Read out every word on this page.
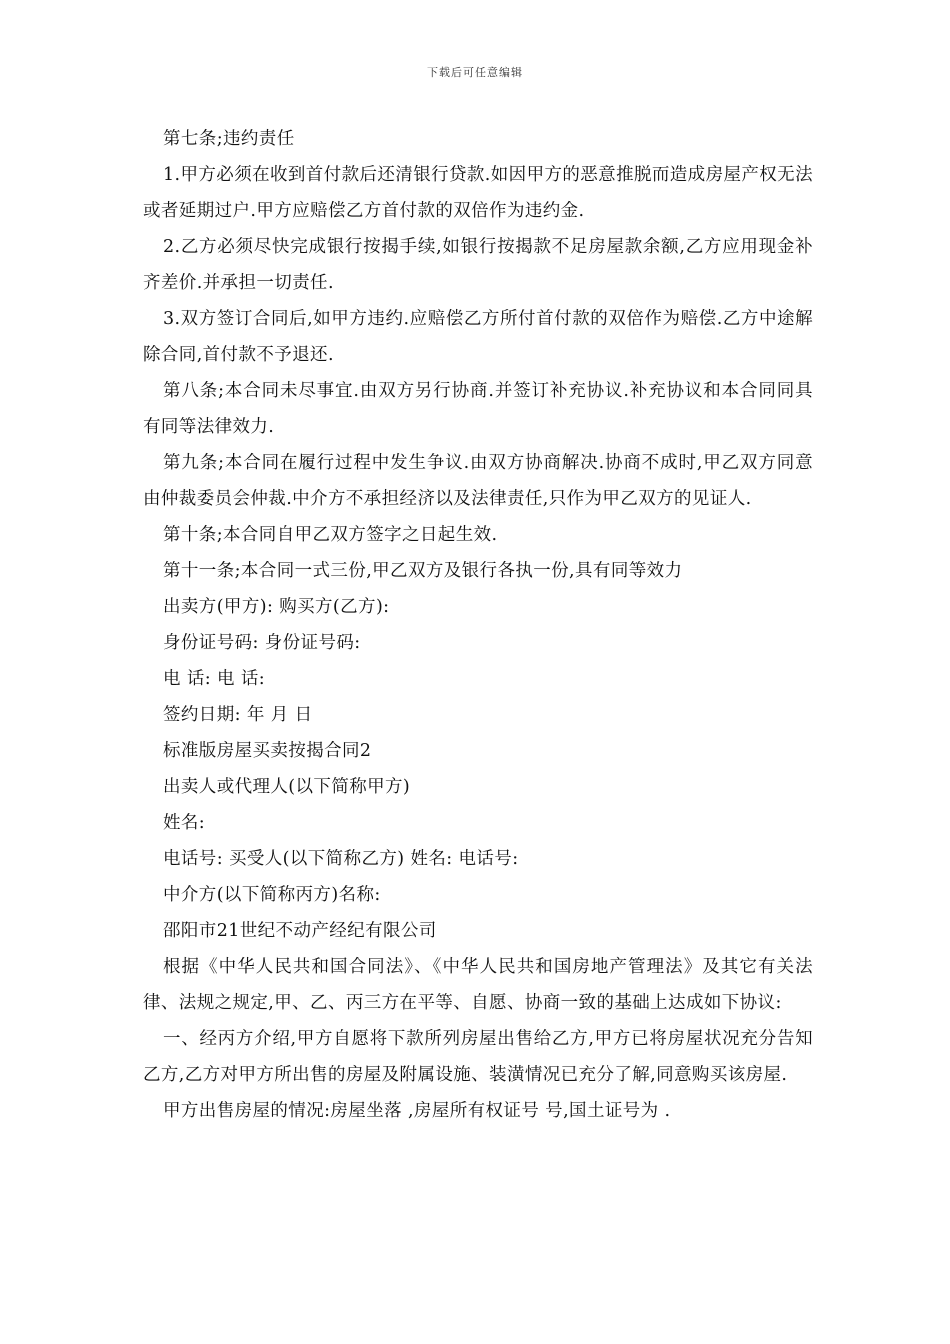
下载后可任意编辑

第七条;违约责任

1.甲方必须在收到首付款后还清银行贷款.如因甲方的恶意推脱而造成房屋产权无法或者延期过户.甲方应赔偿乙方首付款的双倍作为违约金.

2.乙方必须尽快完成银行按揭手续,如银行按揭款不足房屋款余额,乙方应用现金补齐差价.并承担一切责任.

3.双方签订合同后,如甲方违约.应赔偿乙方所付首付款的双倍作为赔偿.乙方中途解除合同,首付款不予退还.

第八条;本合同未尽事宜.由双方另行协商.并签订补充协议.补充协议和本合同同具有同等法律效力.

第九条;本合同在履行过程中发生争议.由双方协商解决.协商不成时,甲乙双方同意由仲裁委员会仲裁.中介方不承担经济以及法律责任,只作为甲乙双方的见证人.

第十条;本合同自甲乙双方签字之日起生效.

第十一条;本合同一式三份,甲乙双方及银行各执一份,具有同等效力

出卖方(甲方): 购买方(乙方):

身份证号码: 身份证号码:

电 话: 电 话:

签约日期: 年 月 日

标准版房屋买卖按揭合同2

出卖人或代理人(以下简称甲方)

姓名:

电话号: 买受人(以下简称乙方) 姓名: 电话号:

中介方(以下简称丙方)名称:

邵阳市21世纪不动产经纪有限公司

根据《中华人民共和国合同法》、《中华人民共和国房地产管理法》及其它有关法律、法规之规定,甲、乙、丙三方在平等、自愿、协商一致的基础上达成如下协议:

一、经丙方介绍,甲方自愿将下款所列房屋出售给乙方,甲方已将房屋状况充分告知乙方,乙方对甲方所出售的房屋及附属设施、装潢情况已充分了解,同意购买该房屋.

甲方出售房屋的情况:房屋坐落 ,房屋所有权证号 号,国土证号为 .
